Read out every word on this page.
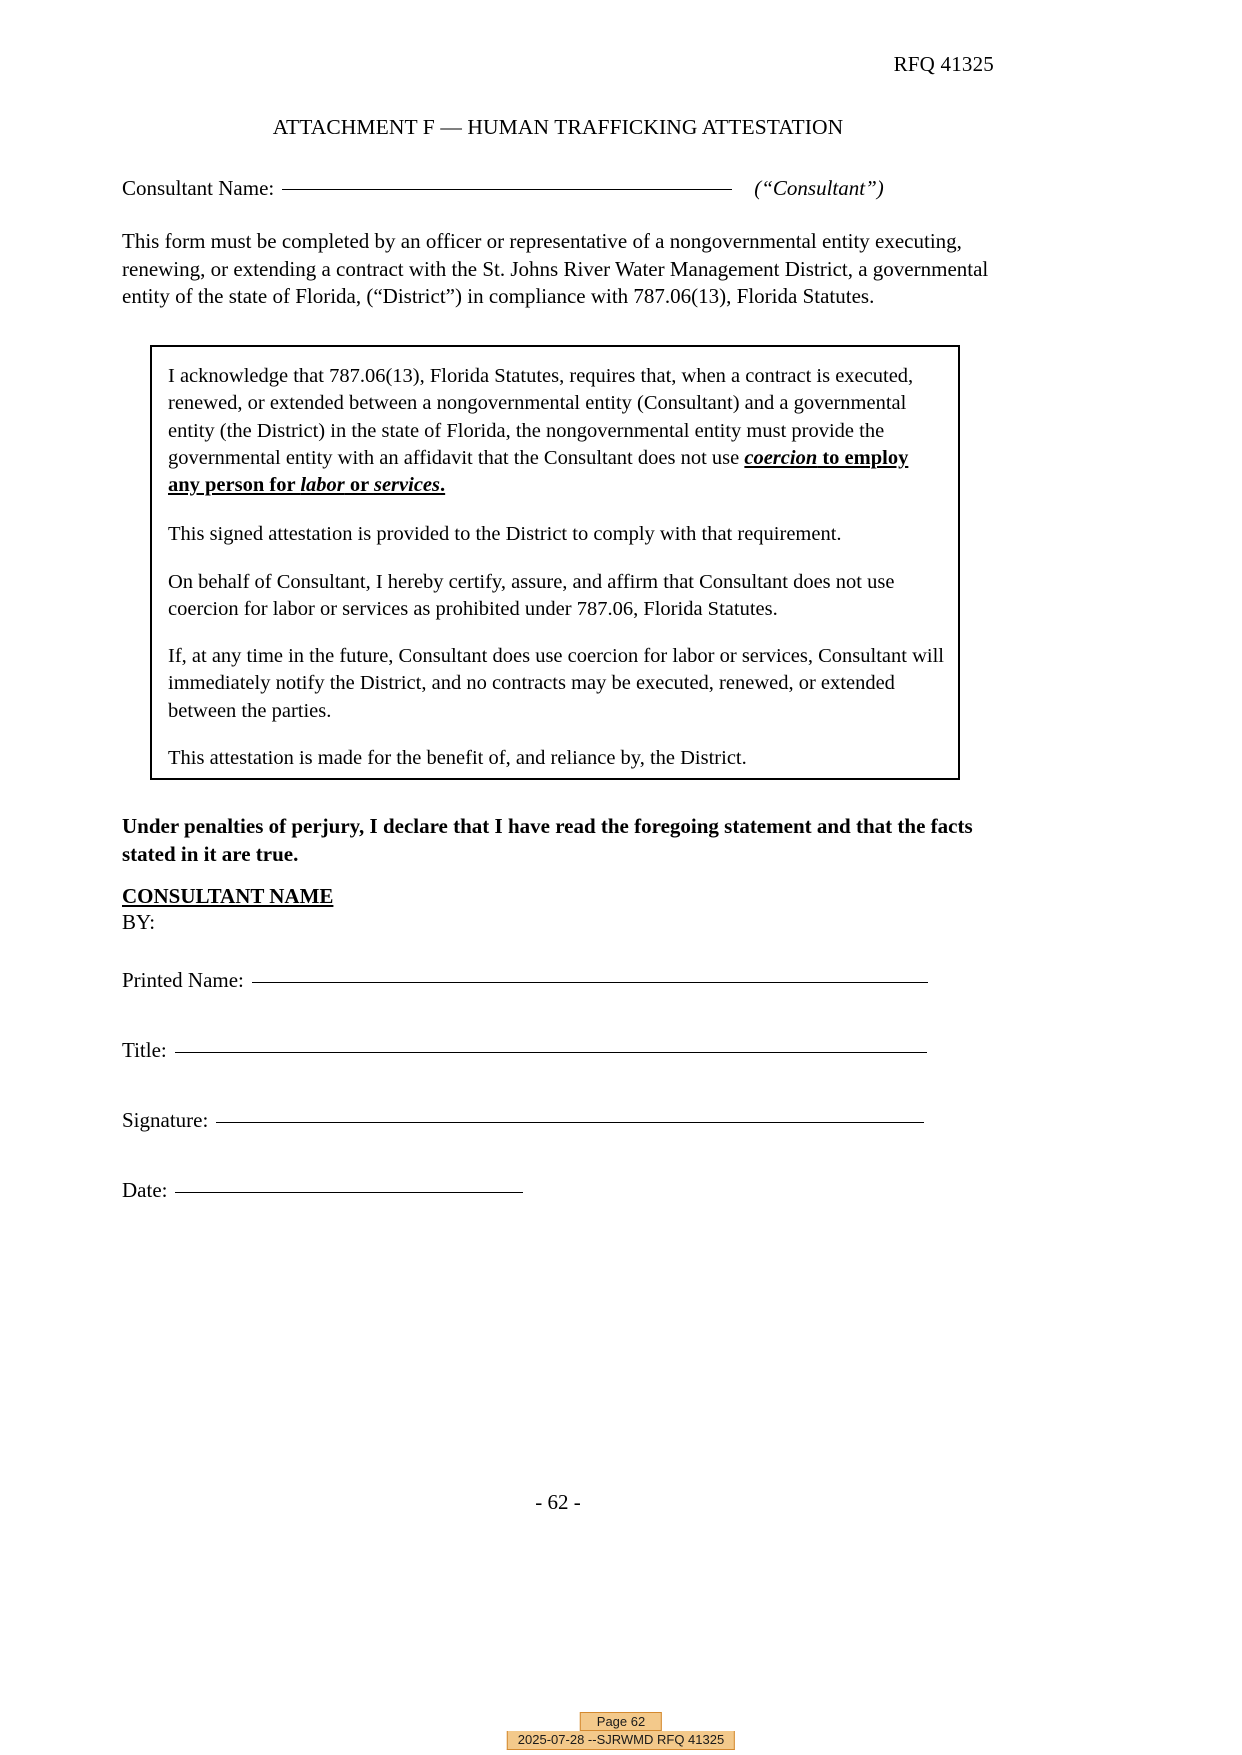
RFQ 41325
ATTACHMENT F — HUMAN TRAFFICKING ATTESTATION
Consultant Name:	(“Consultant”)
This form must be completed by an officer or representative of a nongovernmental entity executing, renewing, or extending a contract with the St. Johns River Water Management District, a governmental entity of the state of Florida, (“District”) in compliance with 787.06(13), Florida Statutes.

I acknowledge that 787.06(13), Florida Statutes, requires that, when a contract is executed, renewed, or extended between a nongovernmental entity (Consultant) and a governmental entity (the District) in the state of Florida, the nongovernmental entity must provide the governmental entity with an affidavit that the Consultant does not use coercion to employ any person for labor or services.

This signed attestation is provided to the District to comply with that requirement.

On behalf of Consultant, I hereby certify, assure, and affirm that Consultant does not use coercion for labor or services as prohibited under 787.06, Florida Statutes.

If, at any time in the future, Consultant does use coercion for labor or services, Consultant will immediately notify the District, and no contracts may be executed, renewed, or extended between the parties.

This attestation is made for the benefit of, and reliance by, the District.

Under penalties of perjury, I declare that I have read the foregoing statement and that the facts stated in it are true.
CONSULTANT NAME
BY:
Printed Name:
Title:
Signature:
Date:
- 62 -
Page 62
2025-07-28 --SJRWMD RFQ 41325
